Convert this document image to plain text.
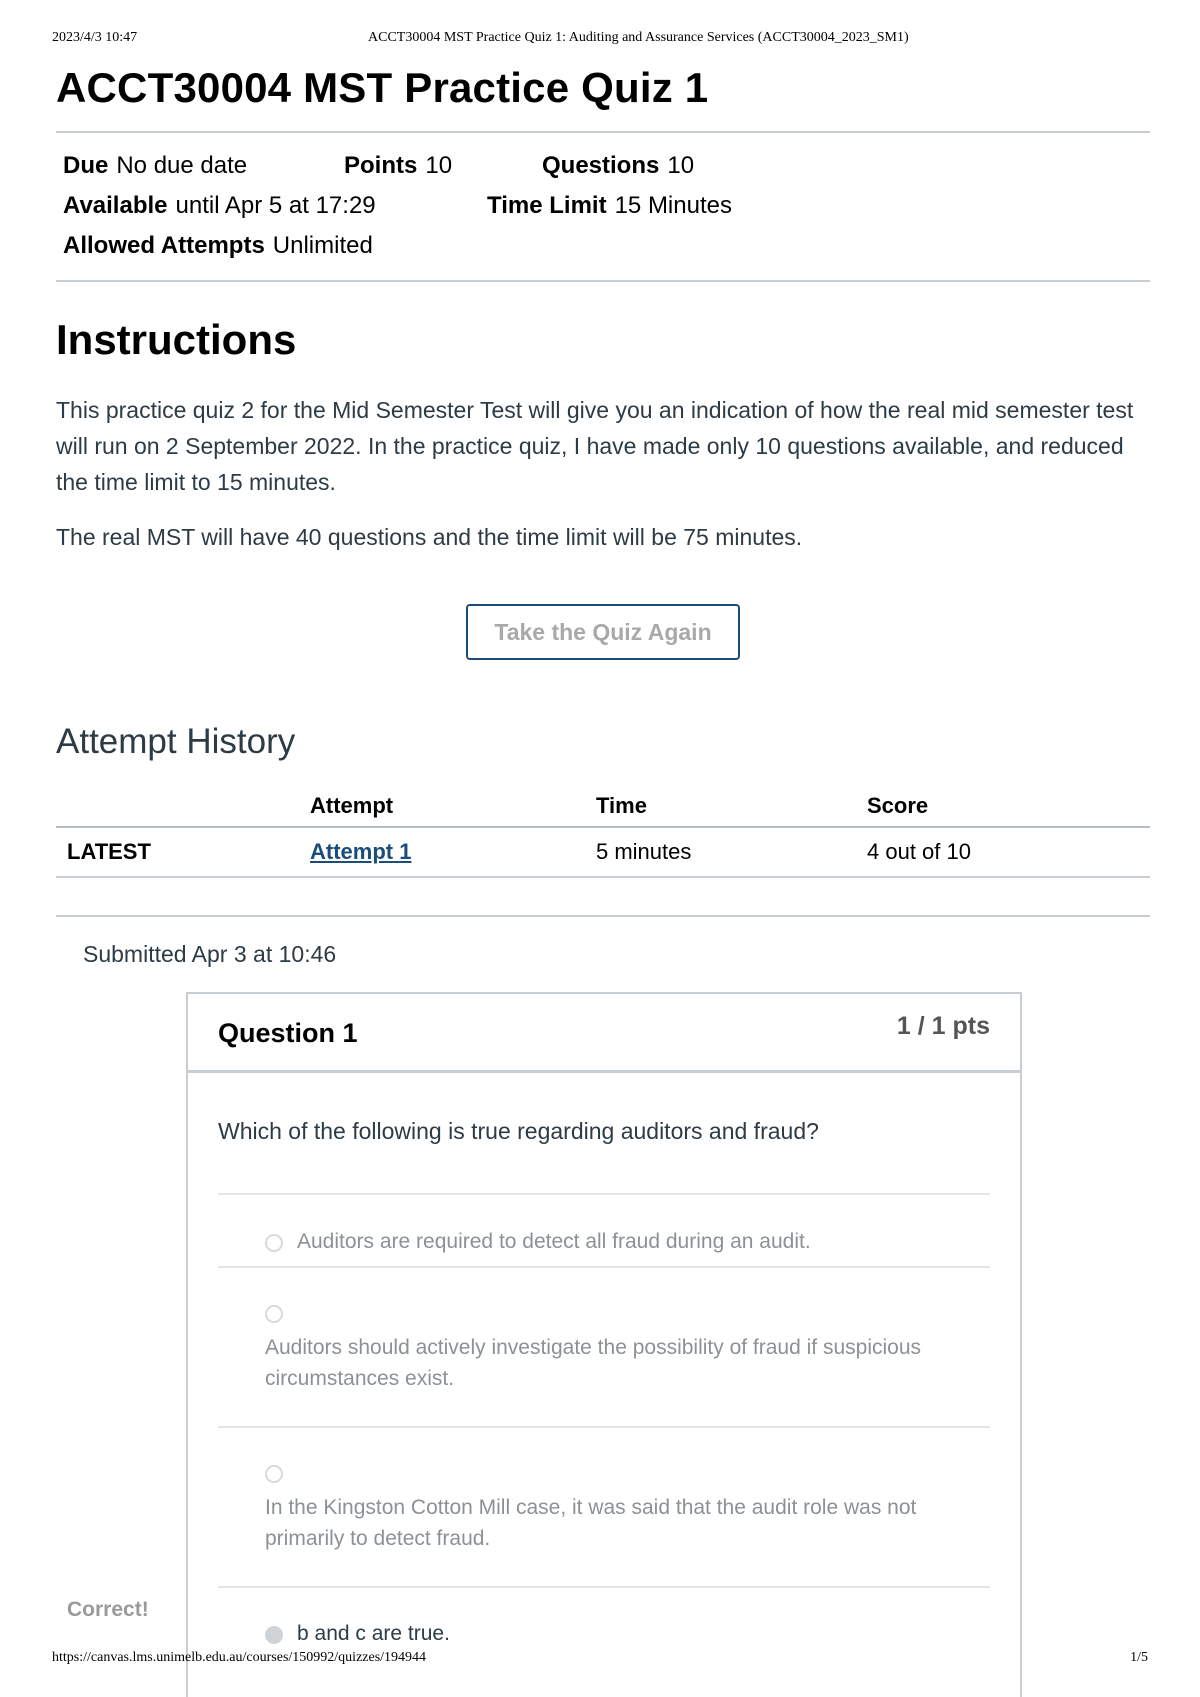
2023/4/3 10:47	ACCT30004 MST Practice Quiz 1: Auditing and Assurance Services (ACCT30004_2023_SM1)
ACCT30004 MST Practice Quiz 1
Due No due date	Points 10	Questions 10
Available until Apr 5 at 17:29	Time Limit 15 Minutes
Allowed Attempts Unlimited
Instructions

This practice quiz 2 for the Mid Semester Test will give you an indication of how the real mid semester test will run on 2 September 2022. In the practice quiz, I have made only 10 questions available, and reduced the time limit to 15 minutes.

The real MST will have 40 questions and the time limit will be 75 minutes.

Take the Quiz Again
Attempt History
	Attempt	Time	Score
LATEST	Attempt 1	5 minutes	4 out of 10
Submitted Apr 3 at 10:46
Question 1	1 / 1 pts
Which of the following is true regarding auditors and fraud?
Auditors are required to detect all fraud during an audit.
Auditors should actively investigate the possibility of fraud if suspicious circumstances exist.
In the Kingston Cotton Mill case, it was said that the audit role was not primarily to detect fraud.
b and c are true.
Correct!
https://canvas.lms.unimelb.edu.au/courses/150992/quizzes/194944	1/5
